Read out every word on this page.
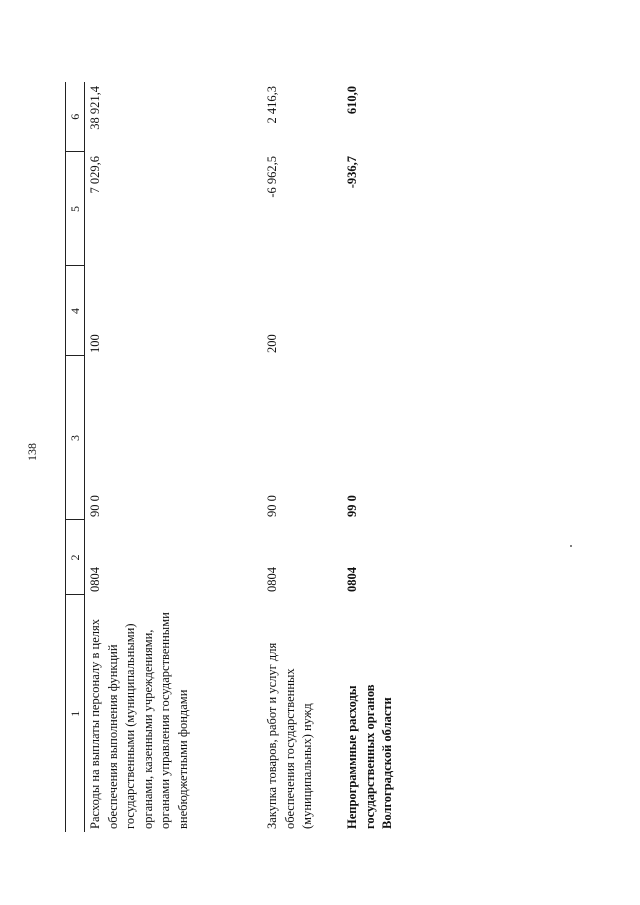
138
1	2	3	4	5	6
Расходы на выплаты персоналу в целях обеспечения выполнения функций государственными (муниципальными) органами, казенными учреждениями, органами управления государственными внебюджетными фондами	0804	90 0	100	7 029,6	38 921,4
Закупка товаров, работ и услуг для обеспечения государственных (муниципальных) нужд	0804	90 0	200	-6 962,5	2 416,3
Непрограммные расходы государственных органов Волгоградской области	0804	99 0		-936,7	610,0
